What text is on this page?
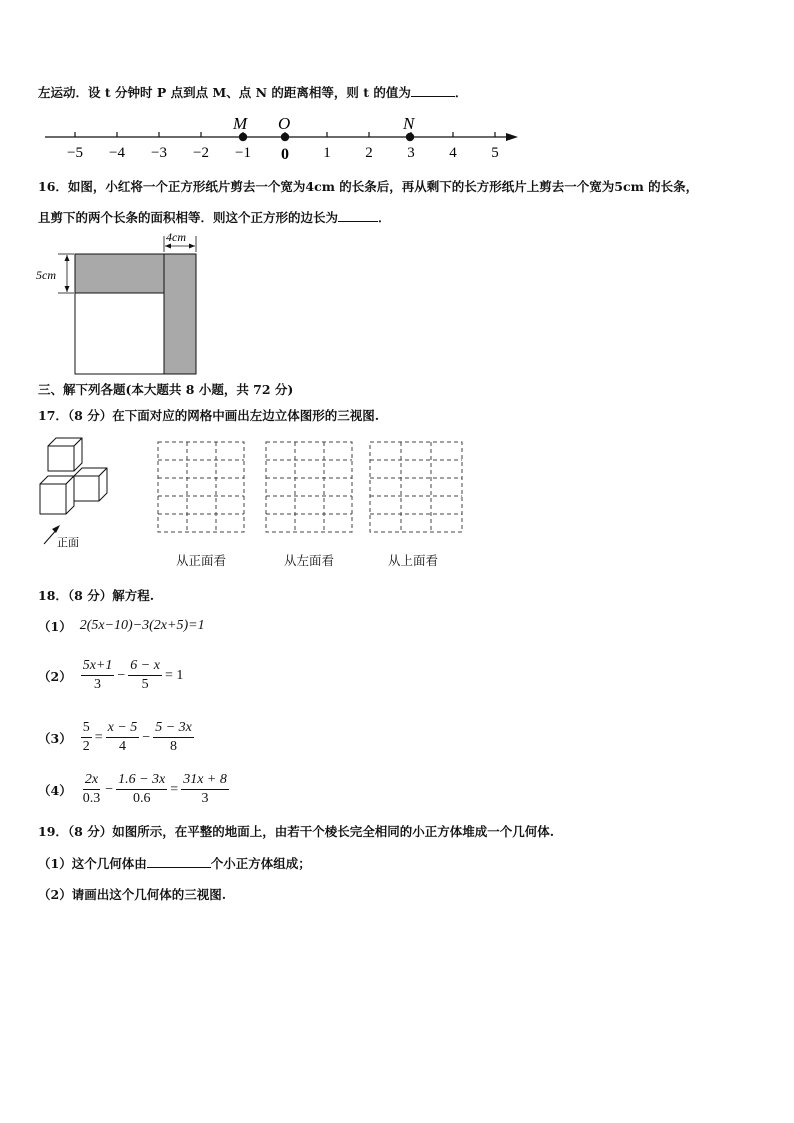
左运动．设 t 分钟时 P 点到点 M、点 N 的距离相等，则 t 的值为	．
−5 −4 −3 −2 −1 0 1 2 3 4 5
M O	N
16．如图，小红将一个正方形纸片剪去一个宽为4cm 的长条后，再从剩下的长方形纸片上剪去一个宽为5cm 的长条，
且剪下的两个长条的面积相等．则这个正方形的边长为	．
4cm
5cm
三、解下列各题(本大题共 8 小题，共 72 分)
17．（8 分）在下面对应的网格中画出左边立体图形的三视图.
正面
从正面看	从左面看	从上面看
18．（8 分）解方程.
（1） 2(5x−10)−3(2x+5)=1
$(2) \frac{5x+1}{3} - \frac{6 - x}{5} = 1$
$(3) \frac{5}{2} = \frac{x - 5}{4} - \frac{5 - 3x}{8}$
$(4) \frac{2x}{0.3} - \frac{1.6 - 3x}{0.6} = \frac{31x + 8}{3}$
19．（8 分）如图所示，在平整的地面上，由若干个棱长完全相同的小正方体堆成一个几何体.
（1）这个几何体由	个小正方体组成；
（2）请画出这个几何体的三视图.
